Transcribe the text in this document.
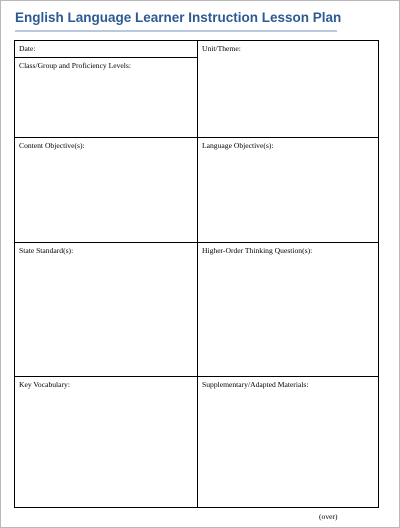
English Language Learner Instruction Lesson Plan
Date:	Unit/Theme:
Class/Group and Proficiency Levels:
Content Objective(s):	Language Objective(s):
State Standard(s):	Higher-Order Thinking Question(s):
Key Vocabulary:	Supplementary/Adapted Materials:
(over)
